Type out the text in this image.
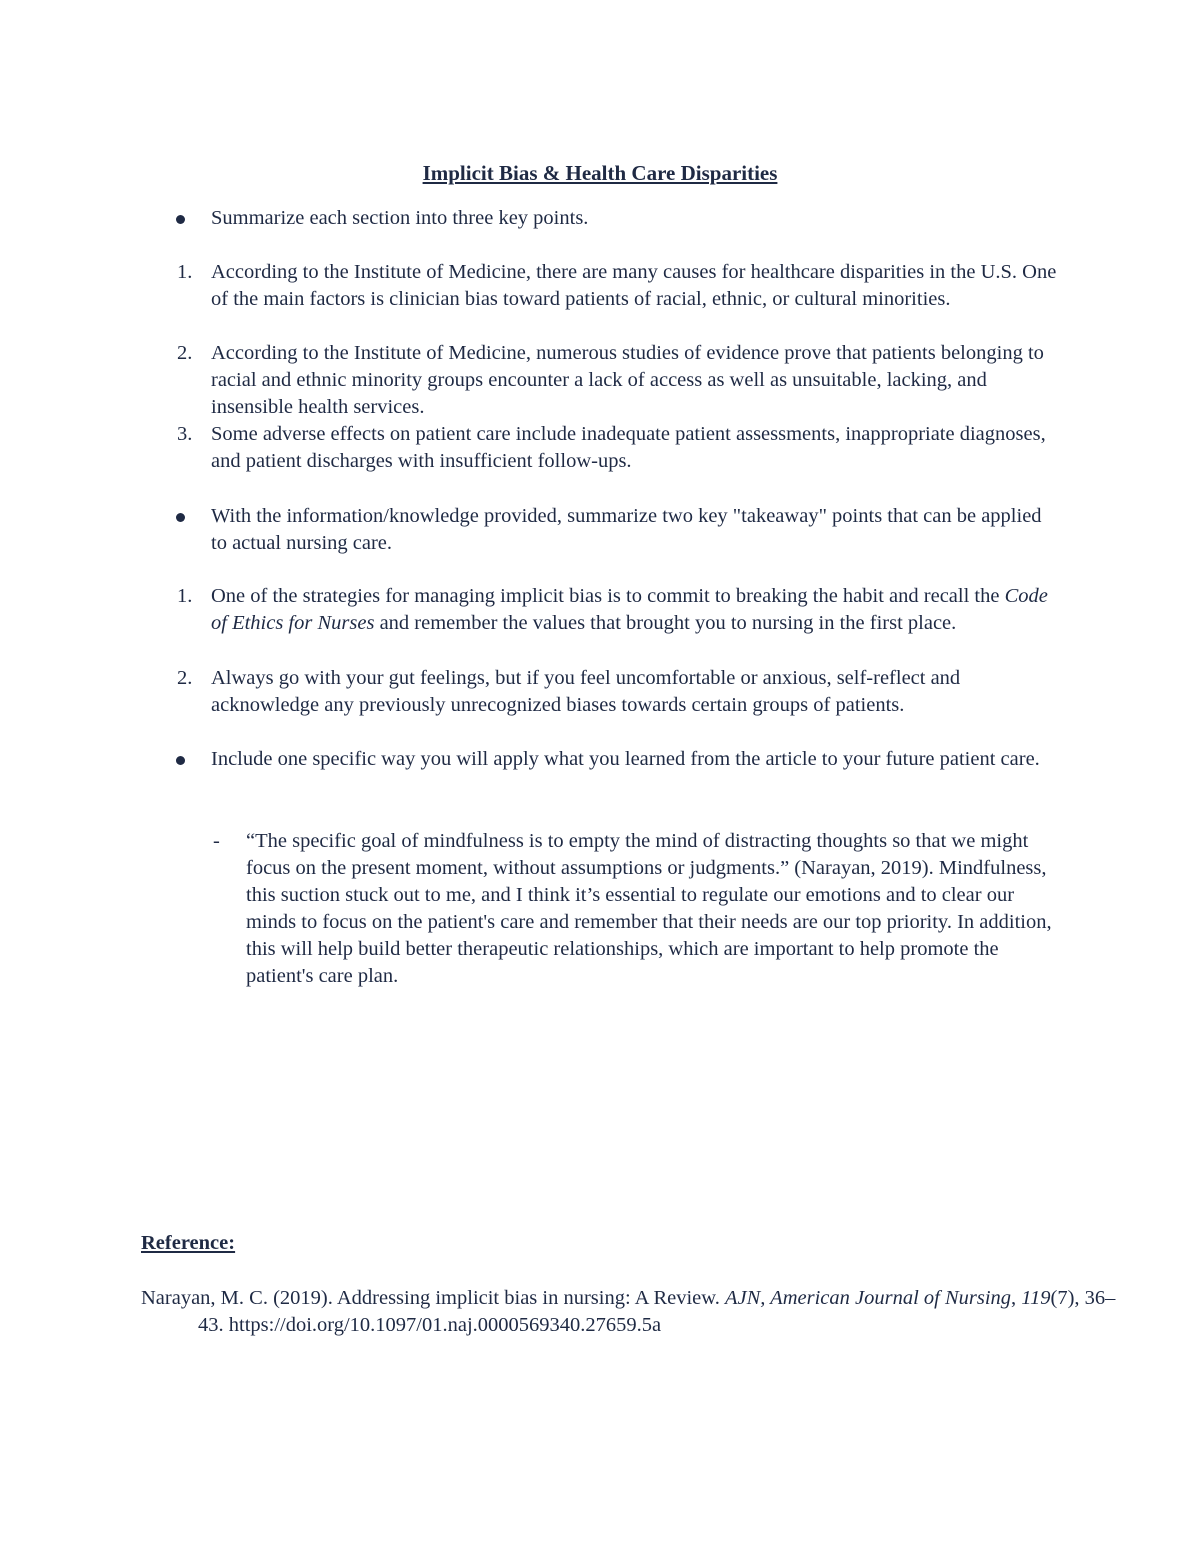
Implicit Bias & Health Care Disparities
Summarize each section into three key points.
1. According to the Institute of Medicine, there are many causes for healthcare disparities in the U.S. One of the main factors is clinician bias toward patients of racial, ethnic, or cultural minorities.
2. According to the Institute of Medicine, numerous studies of evidence prove that patients belonging to racial and ethnic minority groups encounter a lack of access as well as unsuitable, lacking, and insensible health services.
3. Some adverse effects on patient care include inadequate patient assessments, inappropriate diagnoses, and patient discharges with insufficient follow-ups.
With the information/knowledge provided, summarize two key "takeaway" points that can be applied to actual nursing care.
1. One of the strategies for managing implicit bias is to commit to breaking the habit and recall the Code of Ethics for Nurses and remember the values that brought you to nursing in the first place.
2. Always go with your gut feelings, but if you feel uncomfortable or anxious, self-reflect and acknowledge any previously unrecognized biases towards certain groups of patients.
Include one specific way you will apply what you learned from the article to your future patient care.
-	“The specific goal of mindfulness is to empty the mind of distracting thoughts so that we might focus on the present moment, without assumptions or judgments.” (Narayan, 2019). Mindfulness, this suction stuck out to me, and I think it’s essential to regulate our emotions and to clear our minds to focus on the patient's care and remember that their needs are our top priority. In addition, this will help build better therapeutic relationships, which are important to help promote the patient's care plan.
Reference:
Narayan, M. C. (2019). Addressing implicit bias in nursing: A Review. AJN, American Journal of Nursing, 119(7), 36–43. https://doi.org/10.1097/01.naj.0000569340.27659.5a
